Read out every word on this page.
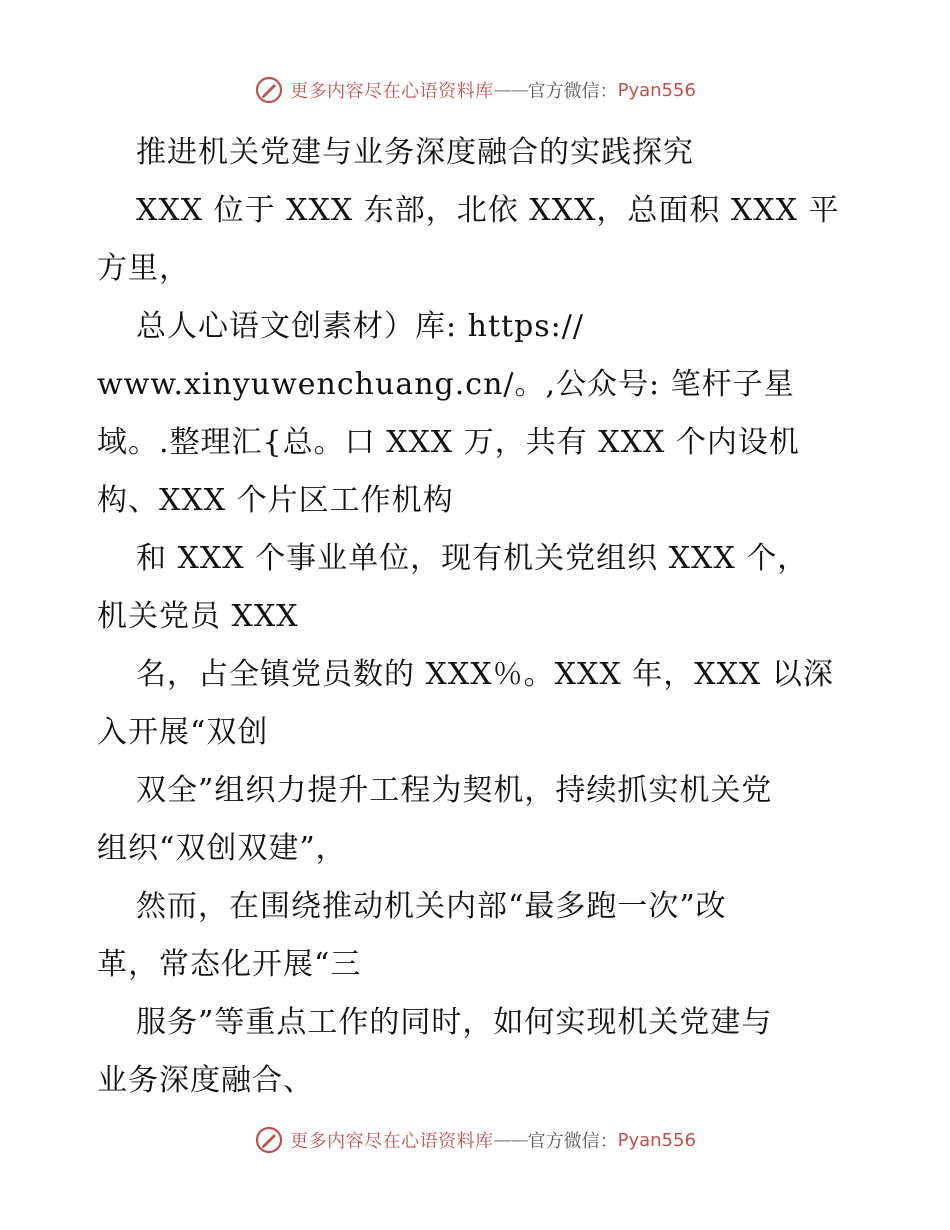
更多内容尽在心语资料库 —— 官方微信： Pyan556
推进机关党建与业务深度融合的实践探究
XXX 位于 XXX 东部，北依 XXX，总面积 XXX 平
方里，
总人心语文创素材）库: https://
www.xinyuwenchuang.cn/。,公众号: 笔杆子星
域。.整理汇{总。口 XXX 万，共有 XXX 个内设机
构、XXX 个片区工作机构
和 XXX 个事业单位，现有机关党组织 XXX 个，
机关党员 XXX
名，占全镇党员数的 XXX％。XXX 年，XXX 以深
入开展“双创
双全”组织力提升工程为契机，持续抓实机关党
组织“双创双建”，
然而，在围绕推动机关内部“最多跑一次”改
革，常态化开展“三
服务”等重点工作的同时，如何实现机关党建与
业务深度融合、
更多内容尽在心语资料库 —— 官方微信： Pyan556
